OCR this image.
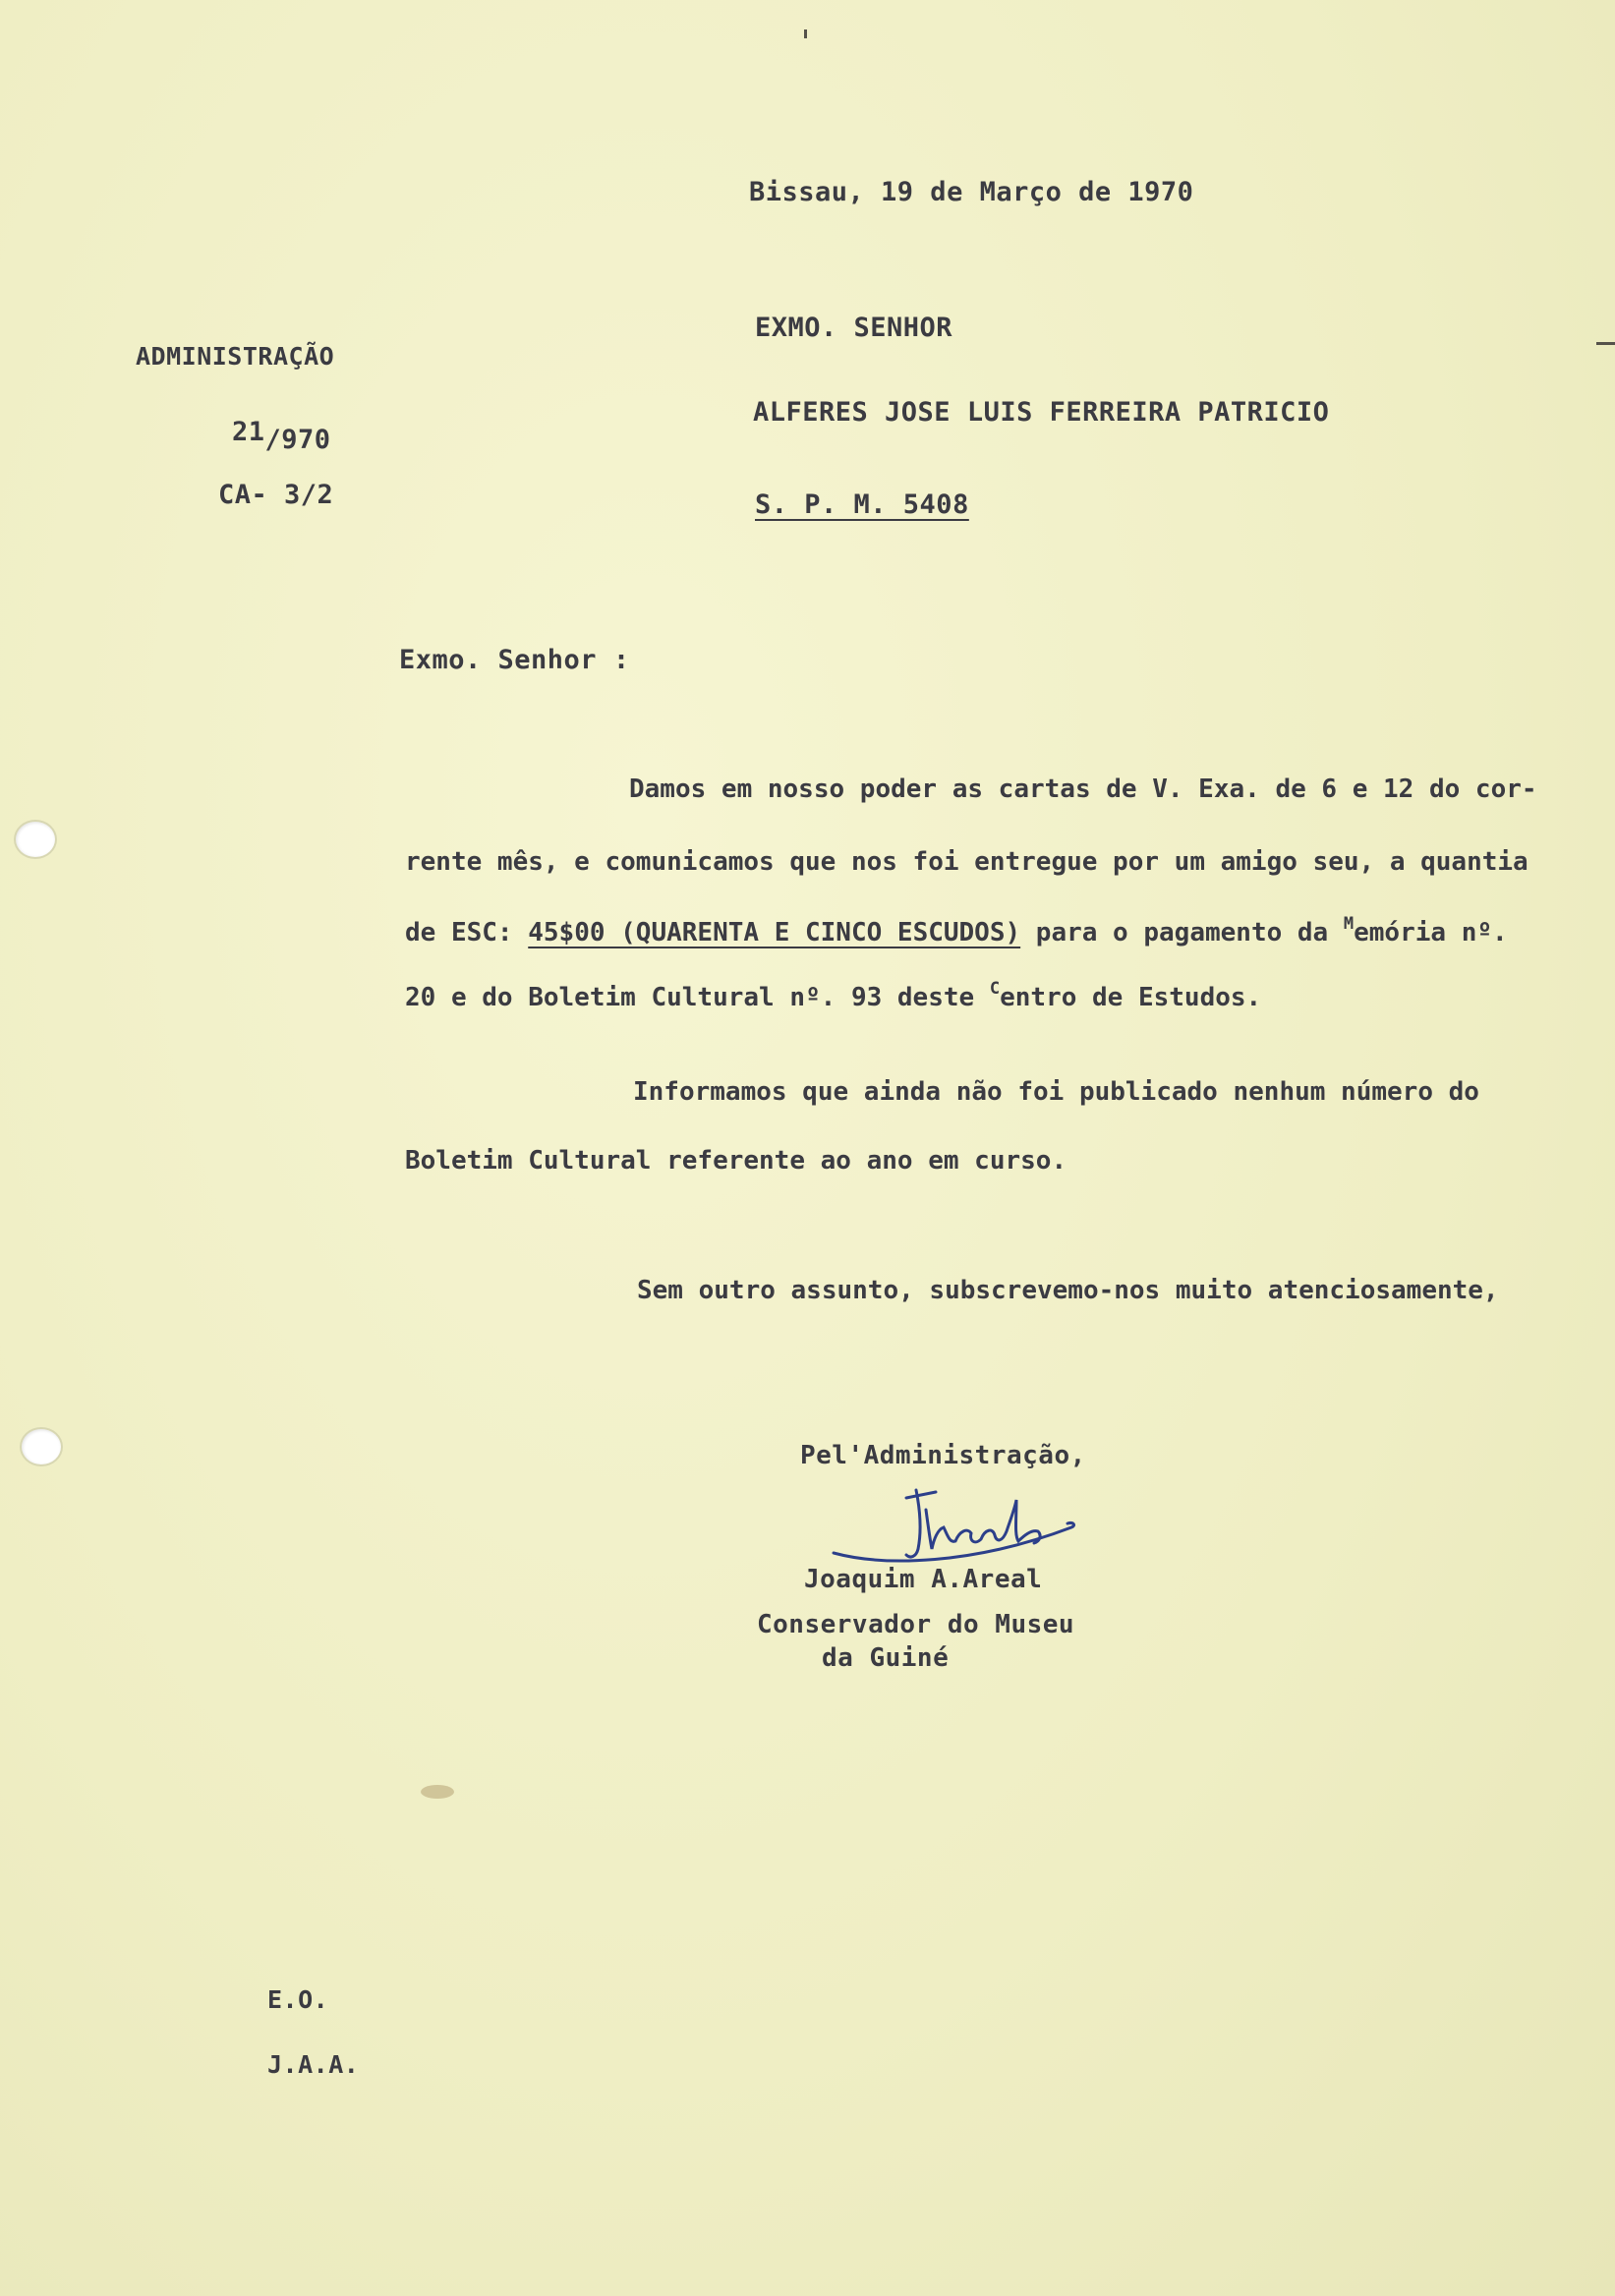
Bissau, 19 de Março de 1970

EXMO. SENHOR

ALFERES JOSE LUIS FERREIRA PATRICIO

S. P. M. 5408

ADMINISTRAÇÃO

21/970

CA- 3/2

Exmo. Senhor :

Damos em nosso poder as cartas de V. Exa. de 6 e 12 do cor-

rente mês, e comunicamos que nos foi entregue por um amigo seu, a quantia

de ESC: 45$00 (QUARENTA E CINCO ESCUDOS) para o pagamento da $^M$emória nº.

20 e do Boletim Cultural nº. 93 deste $^C$entro de Estudos.

Informamos que ainda não foi publicado nenhum número do

Boletim Cultural referente ao ano em curso.

Sem outro assunto, subscrevemo-nos muito atenciosamente,

Pel'Administração,

Joaquim A.Areal

Conservador do Museu

da Guiné

E.O.

J.A.A.
